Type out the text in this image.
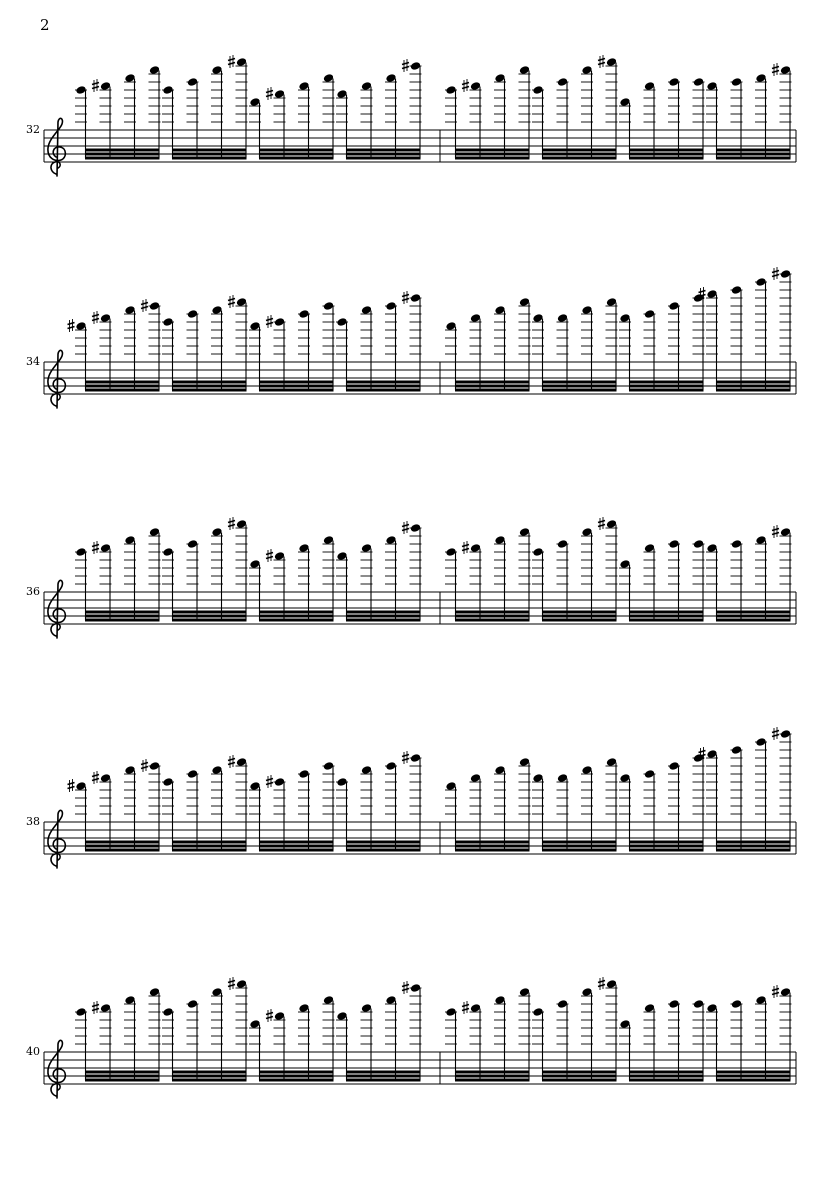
2
32
34
36
38
40
